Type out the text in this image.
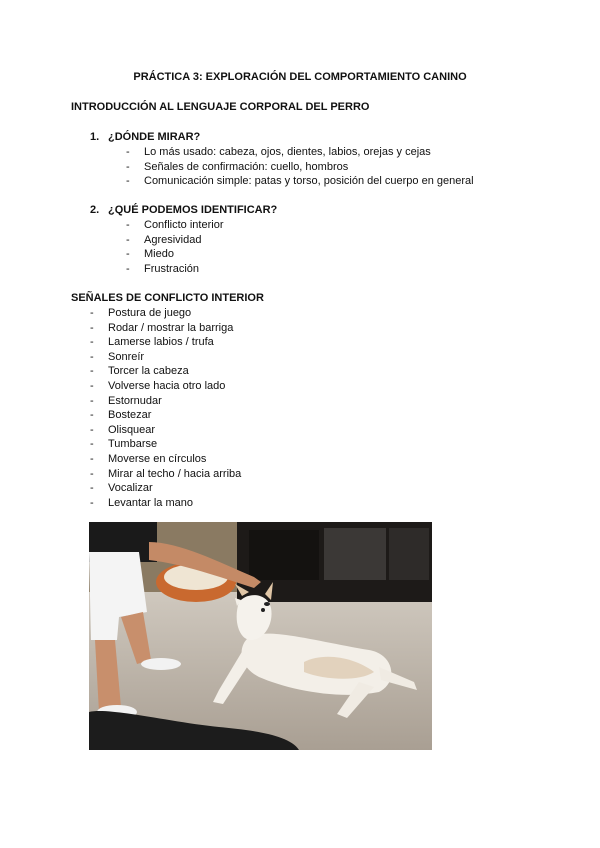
PRÁCTICA 3: EXPLORACIÓN DEL COMPORTAMIENTO CANINO
INTRODUCCIÓN AL LENGUAJE CORPORAL DEL PERRO
1. ¿DÓNDE MIRAR?
- Lo más usado: cabeza, ojos, dientes, labios, orejas y cejas
- Señales de confirmación: cuello, hombros
- Comunicación simple: patas y torso, posición del cuerpo en general
2. ¿QUÉ PODEMOS IDENTIFICAR?
- Conflicto interior
- Agresividad
- Miedo
- Frustración
SEÑALES DE CONFLICTO INTERIOR
- Postura de juego
- Rodar / mostrar la barriga
- Lamerse labios / trufa
- Sonreír
- Torcer la cabeza
- Volverse hacia otro lado
- Estornudar
- Bostezar
- Olisquear
- Tumbarse
- Moverse en círculos
- Mirar al techo / hacia arriba
- Vocalizar
- Levantar la mano
